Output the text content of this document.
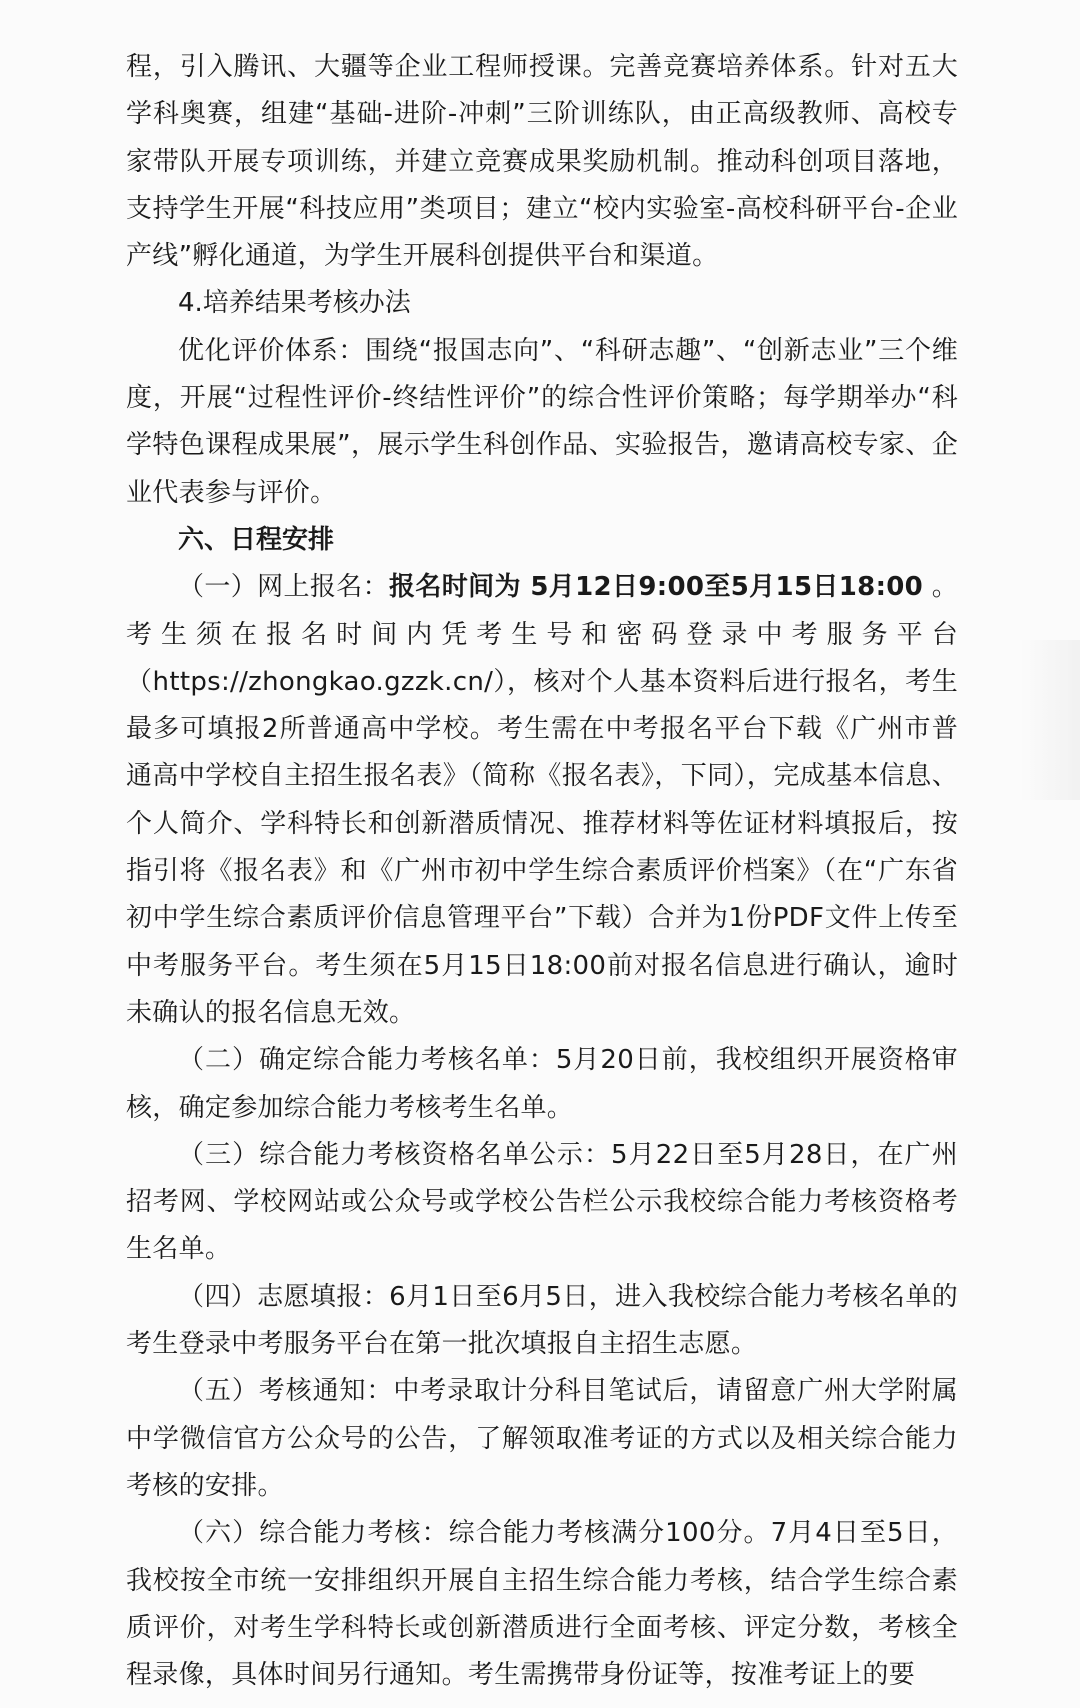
程，引入腾讯、大疆等企业工程师授课。完善竞赛培养体系。针对五大学科奥赛，组建“基础-进阶-冲刺”三阶训练队，由正高级教师、高校专家带队开展专项训练，并建立竞赛成果奖励机制。推动科创项目落地，支持学生开展“科技应用”类项目；建立“校内实验室-高校科研平台-企业产线”孵化通道，为学生开展科创提供平台和渠道。

4.培养结果考核办法

优化评价体系：围绕“报国志向”、“科研志趣”、“创新志业”三个维度，开展“过程性评价-终结性评价”的综合性评价策略；每学期举办“科学特色课程成果展”，展示学生科创作品、实验报告，邀请高校专家、企业代表参与评价。

六、日程安排

（一）网上报名：报名时间为 5月12日9:00至5月15日18:00 。考生须在报名时间内凭考生号和密码登录中考服务平台（https://zhongkao.gzzk.cn/），核对个人基本资料后进行报名，考生最多可填报2所普通高中学校。考生需在中考报名平台下载《广州市普通高中学校自主招生报名表》（简称《报名表》，下同），完成基本信息、个人简介、学科特长和创新潜质情况、推荐材料等佐证材料填报后，按指引将《报名表》和《广州市初中学生综合素质评价档案》（在“广东省初中学生综合素质评价信息管理平台”下载）合并为1份PDF文件上传至中考服务平台。考生须在5月15日18:00前对报名信息进行确认，逾时未确认的报名信息无效。

（二）确定综合能力考核名单：5月20日前，我校组织开展资格审核，确定参加综合能力考核考生名单。

（三）综合能力考核资格名单公示：5月22日至5月28日，在广州招考网、学校网站或公众号或学校公告栏公示我校综合能力考核资格考生名单。

（四）志愿填报：6月1日至6月5日，进入我校综合能力考核名单的考生登录中考服务平台在第一批次填报自主招生志愿。

（五）考核通知：中考录取计分科目笔试后，请留意广州大学附属中学微信官方公众号的公告，了解领取准考证的方式以及相关综合能力考核的安排。

（六）综合能力考核：综合能力考核满分100分。7月4日至5日，我校按全市统一安排组织开展自主招生综合能力考核，结合学生综合素质评价，对考生学科特长或创新潜质进行全面考核、评定分数，考核全程录像，具体时间另行通知。考生需携带身份证等，按准考证上的要
